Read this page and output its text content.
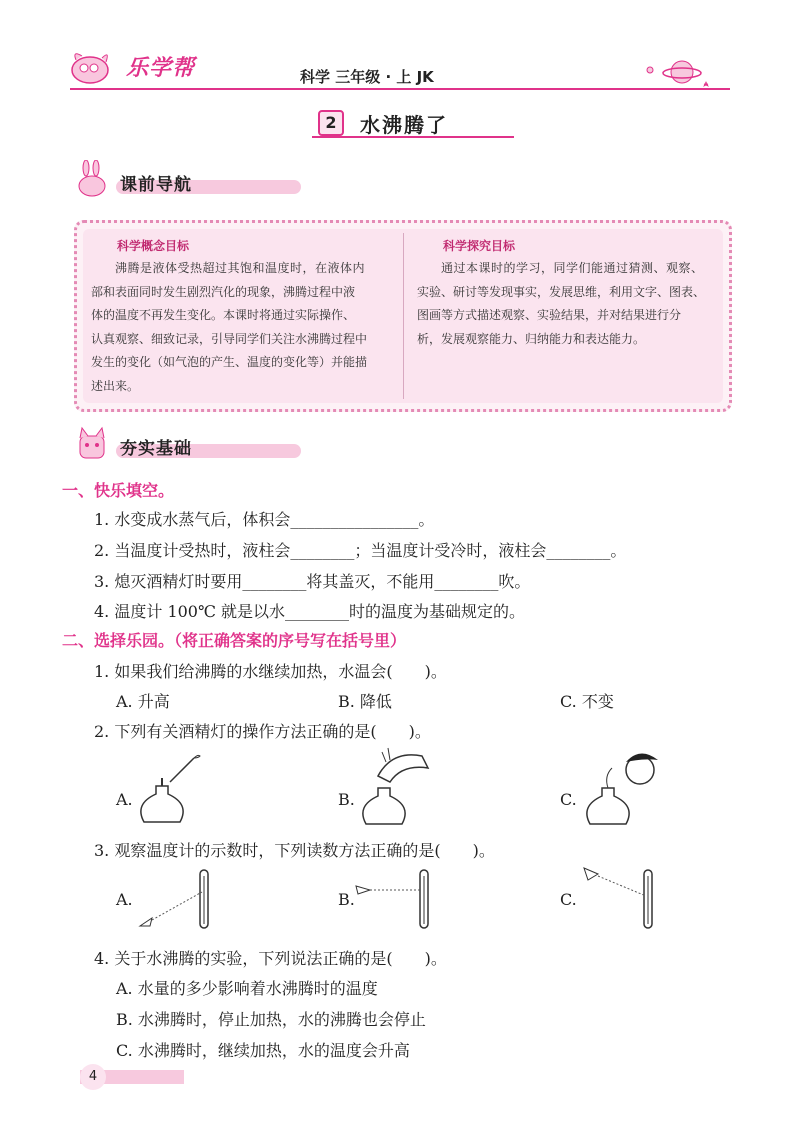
乐学帮	科学 三年级 · 上 JK
2	水沸腾了
课前导航
科学概念目标
沸腾是液体受热超过其饱和温度时，在液体内
部和表面同时发生剧烈汽化的现象，沸腾过程中液
体的温度不再发生变化。本课时将通过实际操作、
认真观察、细致记录，引导同学们关注水沸腾过程中
发生的变化（如气泡的产生、温度的变化等）并能描
述出来。
科学探究目标
通过本课时的学习，同学们能通过猜测、观察、
实验、研讨等发现事实，发展思维，利用文字、图表、
图画等方式描述观察、实验结果，并对结果进行分
析，发展观察能力、归纳能力和表达能力。
夯实基础
一、快乐填空。
1. 水变成水蒸气后，体积会________________。
2. 当温度计受热时，液柱会________；当温度计受冷时，液柱会________。
3. 熄灭酒精灯时要用________将其盖灭，不能用________吹。
4. 温度计 100℃ 就是以水________时的温度为基础规定的。
二、选择乐园。（将正确答案的序号写在括号里）
1. 如果我们给沸腾的水继续加热，水温会(　　)。
A. 升高	B. 降低	C. 不变
2. 下列有关酒精灯的操作方法正确的是(　　)。
A.	B.	C.
3. 观察温度计的示数时，下列读数方法正确的是(　　)。
A.	B.	C.
4. 关于水沸腾的实验，下列说法正确的是(　　)。
A. 水量的多少影响着水沸腾时的温度
B. 水沸腾时，停止加热，水的沸腾也会停止
C. 水沸腾时，继续加热，水的温度会升高
4
